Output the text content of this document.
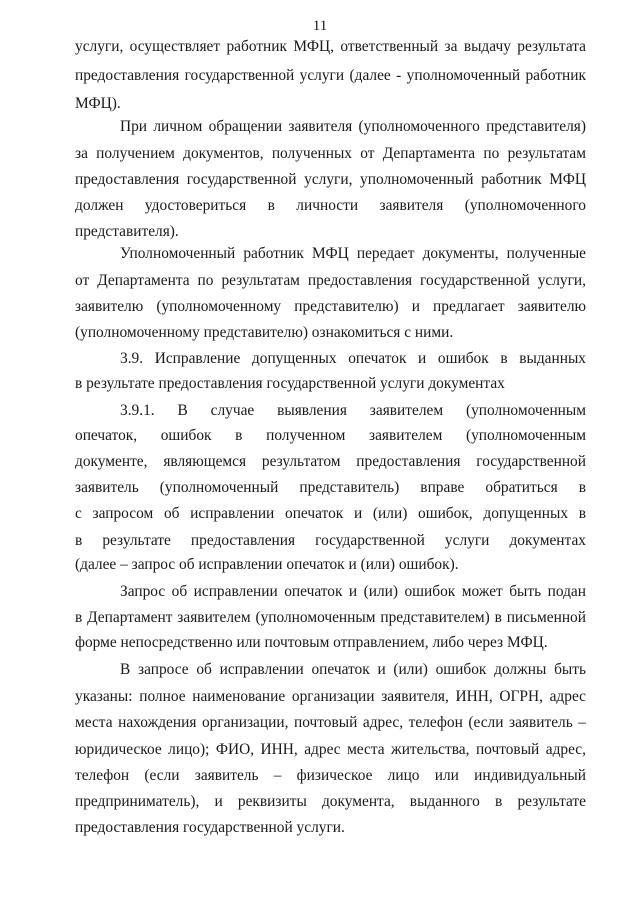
11
услуги, осуществляет работник МФЦ, ответственный за выдачу результата
предоставления государственной услуги (далее - уполномоченный работник
МФЦ).
При личном обращении заявителя (уполномоченного представителя)
за получением документов, полученных от Департамента по результатам
предоставления государственной услуги, уполномоченный работник МФЦ
должен удостовериться в личности заявителя (уполномоченного
представителя).
Уполномоченный работник МФЦ передает документы, полученные
от Департамента по результатам предоставления государственной услуги,
заявителю (уполномоченному представителю) и предлагает заявителю
(уполномоченному представителю) ознакомиться с ними.
3.9. Исправление допущенных опечаток и ошибок в выданных
в результате предоставления государственной услуги документах
3.9.1. В случае выявления заявителем (уполномоченным
опечаток, ошибок в полученном заявителем (уполномоченным
документе, являющемся результатом предоставления государственной
заявитель (уполномоченный представитель) вправе обратиться в
с запросом об исправлении опечаток и (или) ошибок, допущенных в
в результате предоставления государственной услуги документах
(далее – запрос об исправлении опечаток и (или) ошибок).
Запрос об исправлении опечаток и (или) ошибок может быть подан
в Департамент заявителем (уполномоченным представителем) в письменной
форме непосредственно или почтовым отправлением, либо через МФЦ.
В запросе об исправлении опечаток и (или) ошибок должны быть
указаны: полное наименование организации заявителя, ИНН, ОГРН, адрес
места нахождения организации, почтовый адрес, телефон (если заявитель –
юридическое лицо); ФИО, ИНН, адрес места жительства, почтовый адрес,
телефон (если заявитель – физическое лицо или индивидуальный
предприниматель), и реквизиты документа, выданного в результате
предоставления государственной услуги.
